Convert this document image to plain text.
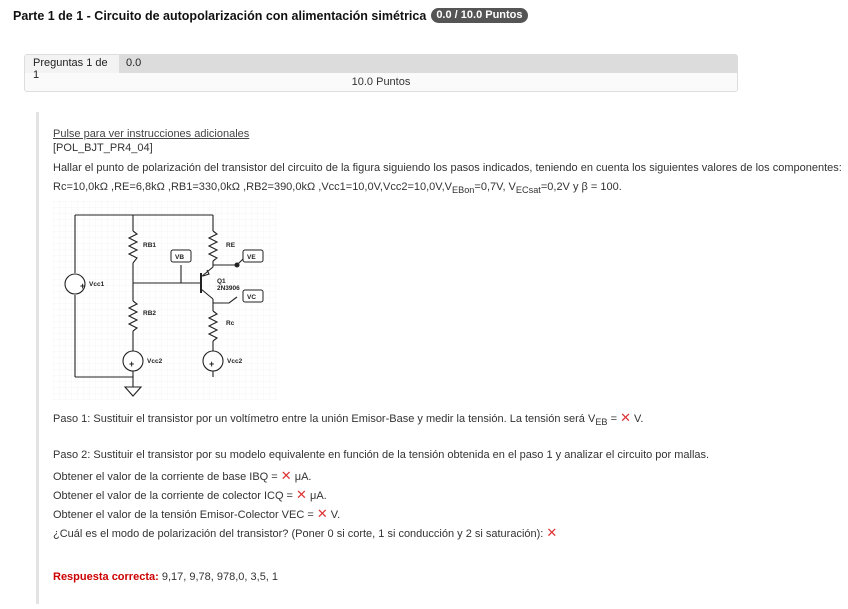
Parte 1 de 1 - Circuito de autopolarización con alimentación simétrica 0.0 / 10.0 Puntos
Preguntas 1 de 1
0.0
10.0 Puntos
Pulse para ver instrucciones adicionales
[POL_BJT_PR4_04]
Hallar el punto de polarización del transistor del circuito de la figura siguiendo los pasos indicados, teniendo en cuenta los siguientes valores de los componentes:
Rc=10,0kΩ ,RE=6,8kΩ ,RB1=330,0kΩ ,RB2=390,0kΩ $,Vcc1=10,0V,Vcc2=10,0V,V_{EBon}=0,7V$, $V_{ECsat}=0,2V$ y β = 100.
+
+	+
Vcc1
RB1
RB2
VB
RE
VE
Q1
2N3906
VC
Rc
Vcc2	Vcc2
Paso 1: Sustituir el transistor por un voltímetro entre la unión Emisor-Base y medir la tensión. La tensión será $V_{EB}$ = ✕ V.
Paso 2: Sustituir el transistor por su modelo equivalente en función de la tensión obtenida en el paso 1 y analizar el circuito por mallas.
Obtener el valor de la corriente de base IBQ = ✕ μA.
Obtener el valor de la corriente de colector ICQ = ✕ μA.
Obtener el valor de la tensión Emisor-Colector VEC = ✕ V.
¿Cuál es el modo de polarización del transistor? (Poner 0 si corte, 1 si conducción y 2 si saturación): ✕
Respuesta correcta: 9,17, 9,78, 978,0, 3,5, 1
